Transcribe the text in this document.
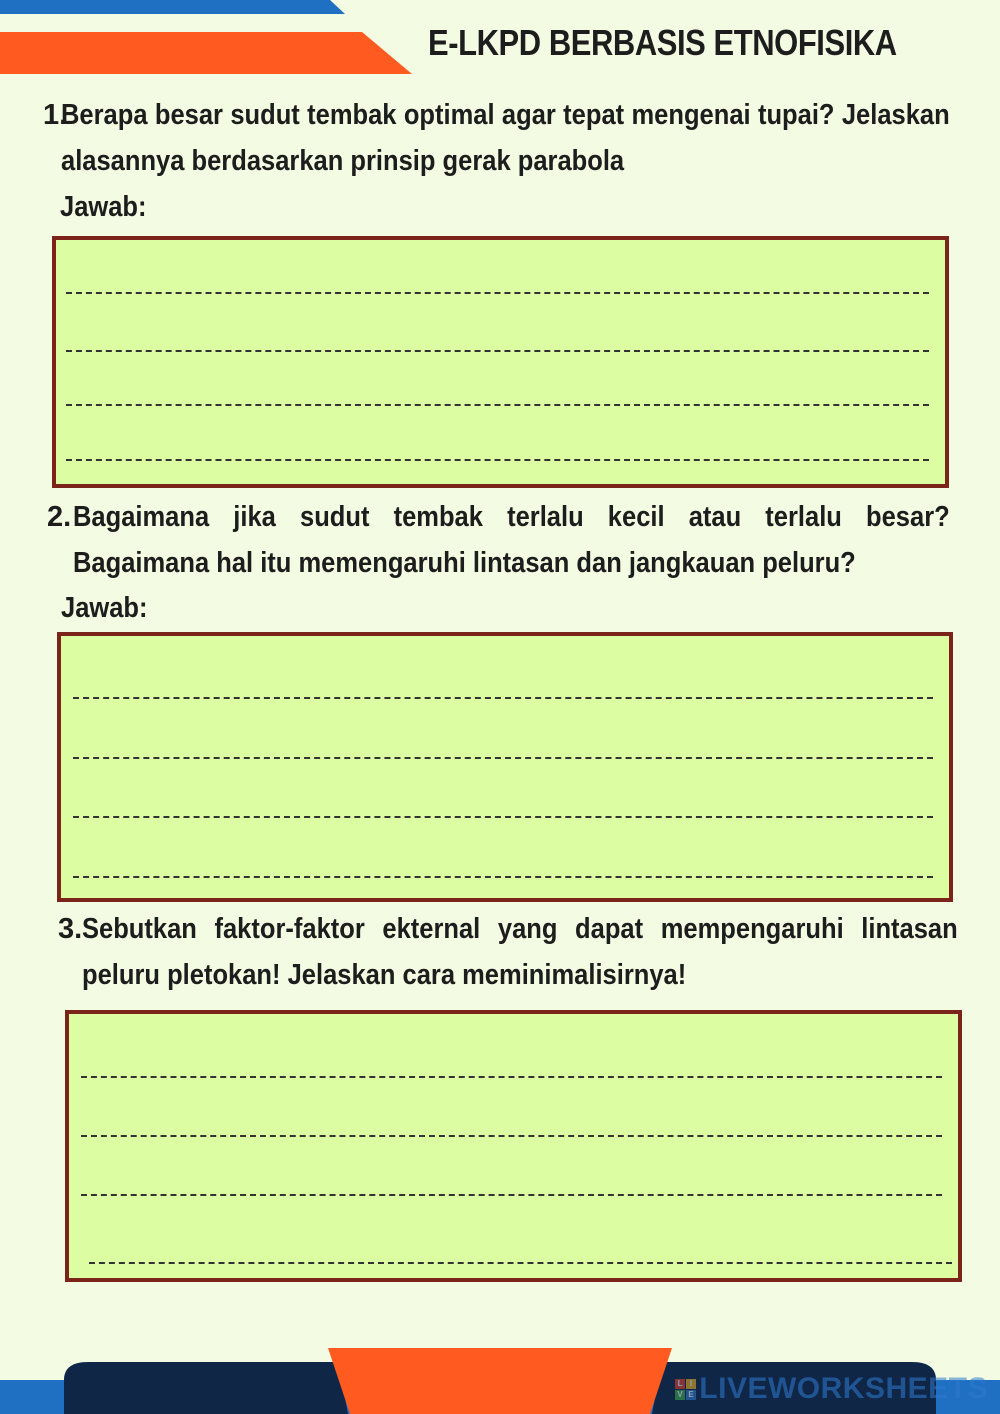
E-LKPD BERBASIS ETNOFISIKA
1.
Berapa besar sudut tembak optimal agar tepat mengenai tupai? Jelaskan alasannya berdasarkan prinsip gerak parabola
Jawab:
2. Bagaimana jika sudut tembak terlalu kecil atau terlalu besar? Bagaimana hal itu memengaruhi lintasan dan jangkauan peluru?
Jawab:
3. Sebutkan faktor-faktor ekternal yang dapat mempengaruhi lintasan peluru pletokan! Jelaskan cara meminimalisirnya!
L I
V E LIVEWORKSHEETS
